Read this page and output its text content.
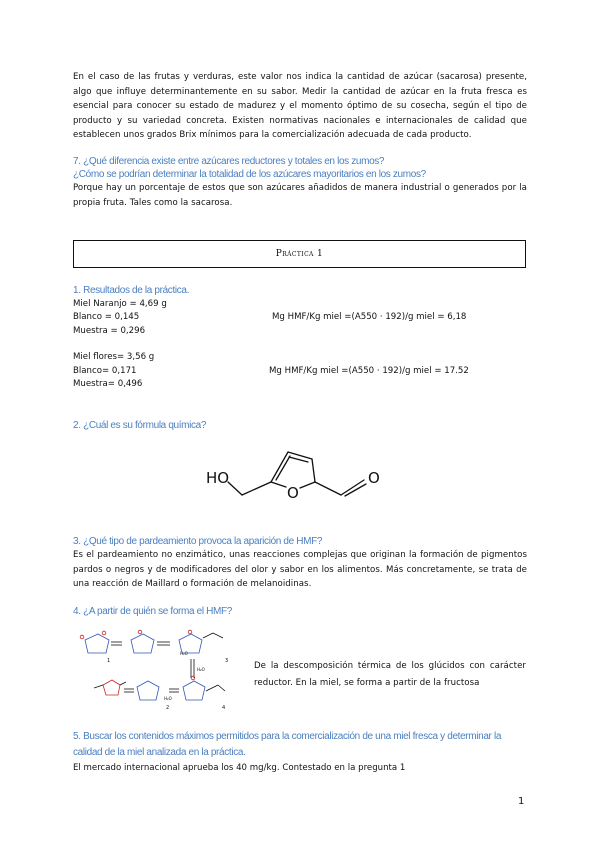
En el caso de las frutas y verduras, este valor nos indica la cantidad de azúcar (sacarosa) presente, algo que influye determinantemente en su sabor. Medir la cantidad de azúcar en la fruta fresca es esencial para conocer su estado de madurez y el momento óptimo de su cosecha, según el tipo de producto y su variedad concreta. Existen normativas nacionales e internacionales de calidad que establecen unos grados Brix mínimos para la comercialización adecuada de cada producto.
7. ¿Qué diferencia existe entre azúcares reductores y totales en los zumos?
¿Cómo se podrían determinar la totalidad de los azúcares mayoritarios en los zumos?
Porque hay un porcentaje de estos que son azúcares añadidos de manera industrial o generados por la propia fruta. Tales como la sacarosa.
Práctica 1
1. Resultados de la práctica.
Miel Naranjo = 4,69 g
Blanco = 0,145	Mg HMF/Kg miel =(A550 · 192)/g miel = 6,18
Muestra = 0,296
Miel flores= 3,56 g
Blanco= 0,171	Mg HMF/Kg miel =(A550 · 192)/g miel = 17.52
Muestra= 0,496
2. ¿Cuál es su fórmula química?
HO
O
O
3. ¿Qué tipo de pardeamiento provoca la aparición de HMF?
Es el pardeamiento no enzimático, unas reacciones complejas que originan la formación de pigmentos pardos o negros y de modificadores del olor y sabor en los alimentos. Más concretamente, se trata de una reacción de Maillard o formación de melanoidinas.
4. ¿A partir de quién se forma el HMF?
1	3
2	4
H₂O
H₂O
H₂O
De la descomposición térmica de los glúcidos con carácter reductor. En la miel, se forma a partir de la fructosa
5. Buscar los contenidos máximos permitidos para la comercialización de una miel fresca y determinar la calidad de la miel analizada en la práctica.
El mercado internacional aprueba los 40 mg/kg. Contestado en la pregunta 1
1
